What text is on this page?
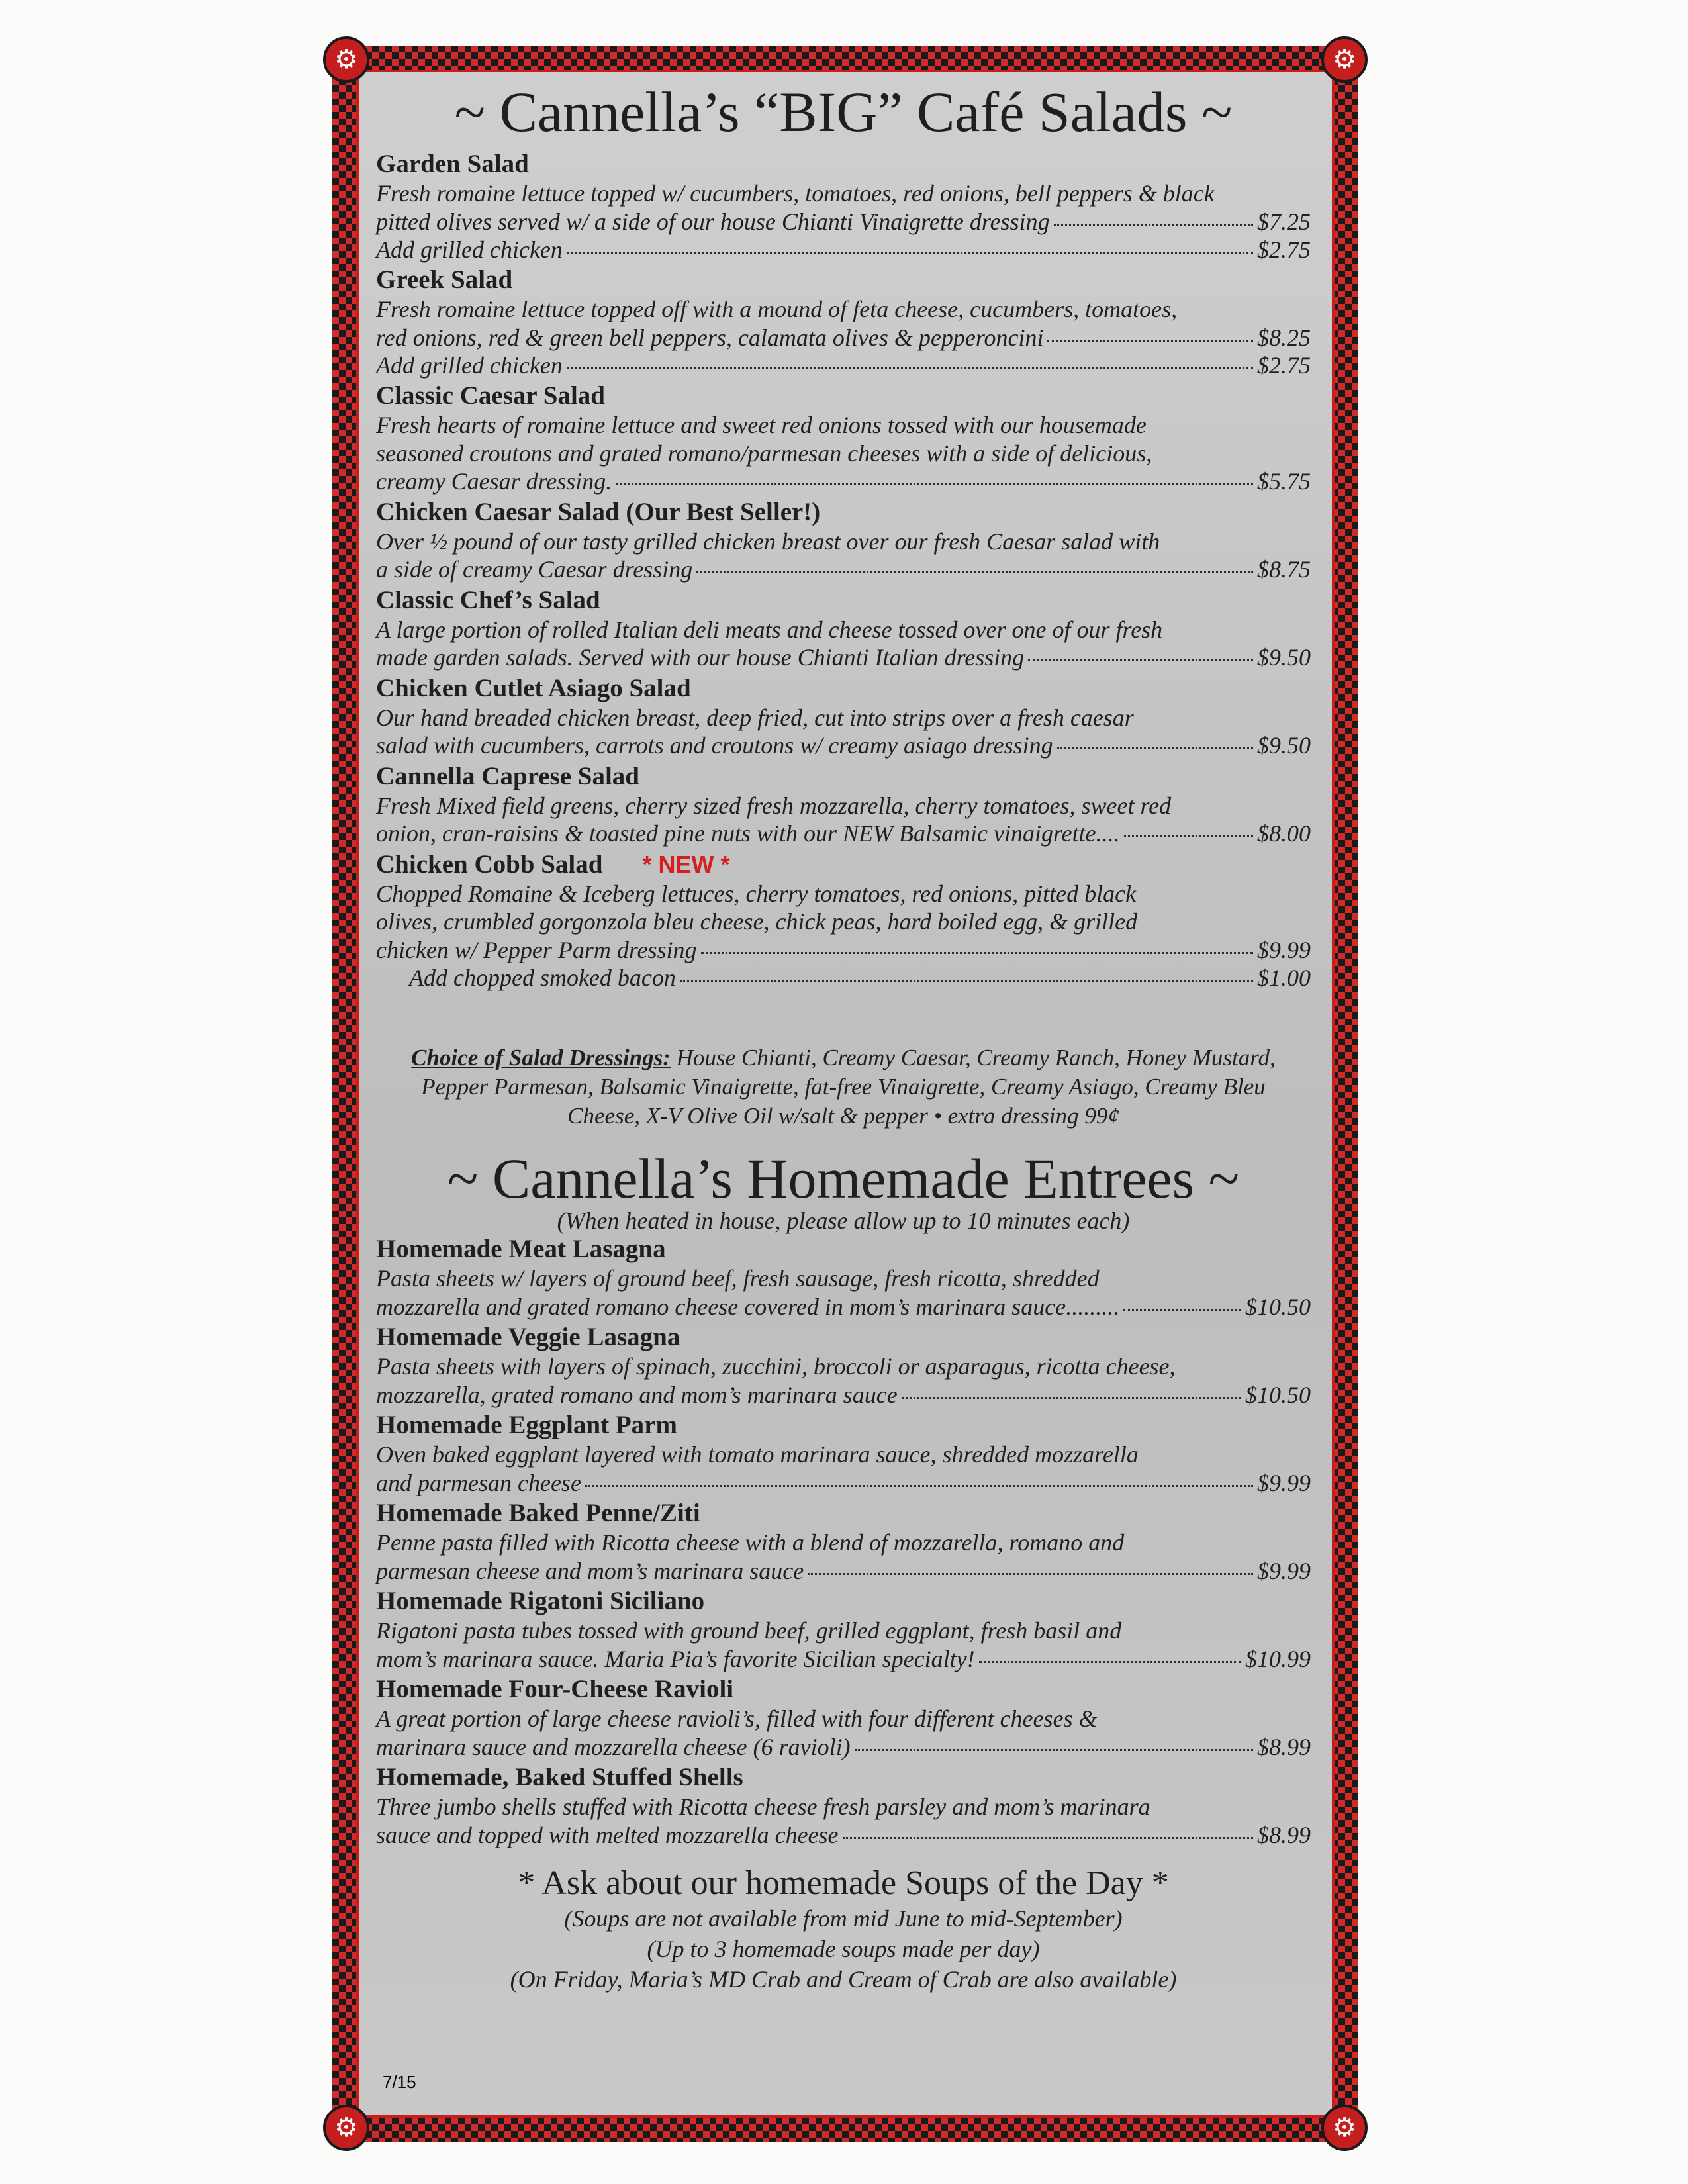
⚙	⚙
⚙	⚙
~ Cannella’s “BIG” Café Salads ~
Garden Salad
Fresh romaine lettuce topped w/ cucumbers, tomatoes, red onions, bell peppers & black
pitted olives served w/ a side of our house Chianti Vinaigrette dressing	$7.25
Add grilled chicken	$2.75
Greek Salad
Fresh romaine lettuce topped off with a mound of feta cheese, cucumbers, tomatoes,
red onions, red & green bell peppers, calamata olives & pepperoncini	$8.25
Add grilled chicken	$2.75
Classic Caesar Salad
Fresh hearts of romaine lettuce and sweet red onions tossed with our housemade
seasoned croutons and grated romano/parmesan cheeses with a side of delicious,
creamy Caesar dressing.	$5.75
Chicken Caesar Salad (Our Best Seller!)
Over ½ pound of our tasty grilled chicken breast over our fresh Caesar salad with
a side of creamy Caesar dressing	$8.75
Classic Chef’s Salad
A large portion of rolled Italian deli meats and cheese tossed over one of our fresh
made garden salads. Served with our house Chianti Italian dressing	$9.50
Chicken Cutlet Asiago Salad
Our hand breaded chicken breast, deep fried, cut into strips over a fresh caesar
salad with cucumbers, carrots and croutons w/ creamy asiago dressing	$9.50
Cannella Caprese Salad
Fresh Mixed field greens, cherry sized fresh mozzarella, cherry tomatoes, sweet red
onion, cran-raisins & toasted pine nuts with our NEW Balsamic vinaigrette....	$8.00
Chicken Cobb Salad * NEW *
Chopped Romaine & Iceberg lettuces, cherry tomatoes, red onions, pitted black
olives, crumbled gorgonzola bleu cheese, chick peas, hard boiled egg, & grilled
chicken w/ Pepper Parm dressing	$9.99
Add chopped smoked bacon	$1.00
Choice of Salad Dressings: House Chianti, Creamy Caesar, Creamy Ranch, Honey Mustard, Pepper Parmesan, Balsamic Vinaigrette, fat-free Vinaigrette, Creamy Asiago, Creamy Bleu Cheese, X-V Olive Oil w/salt & pepper • extra dressing 99¢
~ Cannella’s Homemade Entrees ~
(When heated in house, please allow up to 10 minutes each)
Homemade Meat Lasagna
Pasta sheets w/ layers of ground beef, fresh sausage, fresh ricotta, shredded
mozzarella and grated romano cheese covered in mom’s marinara sauce.........	$10.50
Homemade Veggie Lasagna
Pasta sheets with layers of spinach, zucchini, broccoli or asparagus, ricotta cheese,
mozzarella, grated romano and mom’s marinara sauce	$10.50
Homemade Eggplant Parm
Oven baked eggplant layered with tomato marinara sauce, shredded mozzarella
and parmesan cheese	$9.99
Homemade Baked Penne/Ziti
Penne pasta filled with Ricotta cheese with a blend of mozzarella, romano and
parmesan cheese and mom’s marinara sauce	$9.99
Homemade Rigatoni Siciliano
Rigatoni pasta tubes tossed with ground beef, grilled eggplant, fresh basil and
mom’s marinara sauce. Maria Pia’s favorite Sicilian specialty!	$10.99
Homemade Four-Cheese Ravioli
A great portion of large cheese ravioli’s, filled with four different cheeses &
marinara sauce and mozzarella cheese (6 ravioli)	$8.99
Homemade, Baked Stuffed Shells
Three jumbo shells stuffed with Ricotta cheese fresh parsley and mom’s marinara
sauce and topped with melted mozzarella cheese	$8.99
* Ask about our homemade Soups of the Day *
(Soups are not available from mid June to mid-September)
(Up to 3 homemade soups made per day)
(On Friday, Maria’s MD Crab and Cream of Crab are also available)
7/15
